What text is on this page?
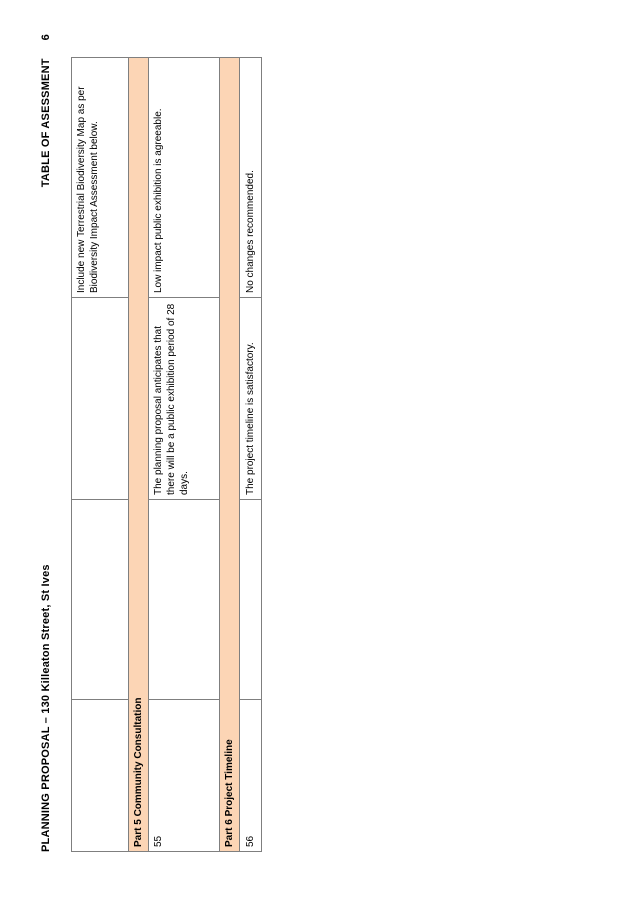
PLANNING PROPOSAL – 130 Killeaton Street, St Ives
TABLE OF ASESSMENT6
			Include new Terrestrial Biodiversity Map as per Biodiversity Impact Assessment below.
Part 5 Community Consultation			
55		The planning proposal anticipates that there will be a public exhibition period of 28 days.	Low impact public exhibition is agreeable.
Part 6 Project Timeline			
56		The project timeline is satisfactory.	No changes recommended.
